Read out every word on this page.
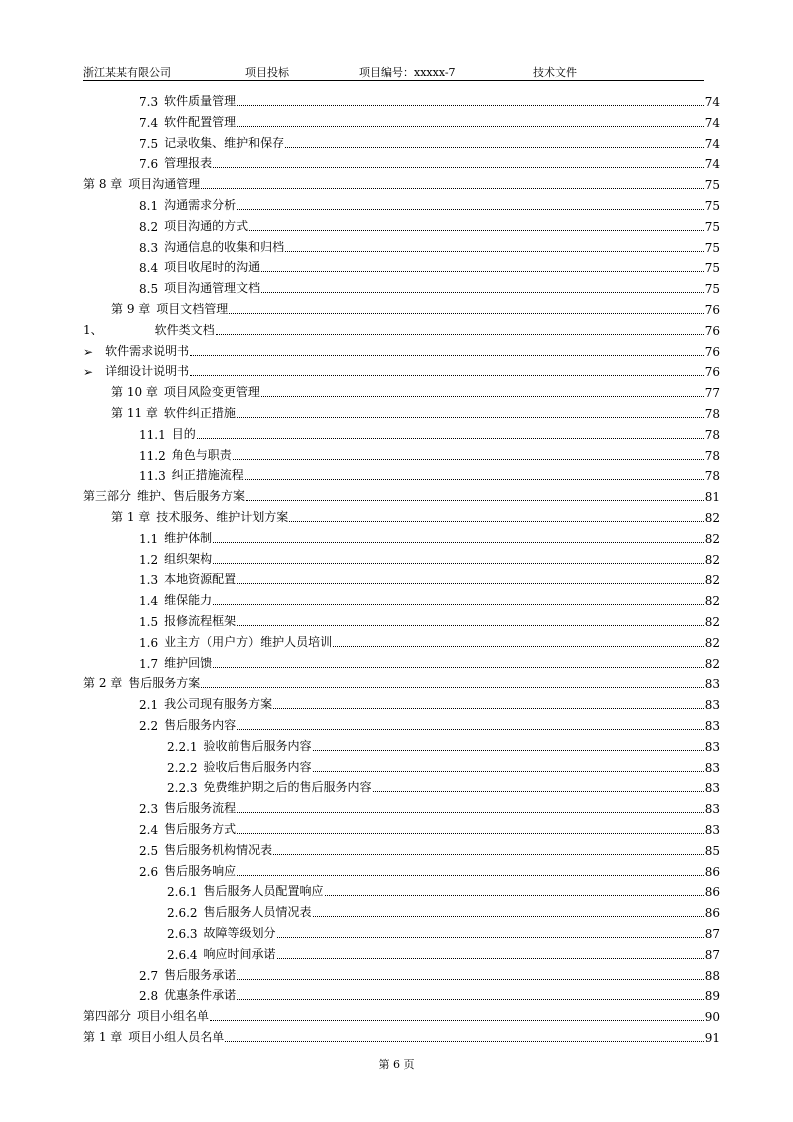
浙江某某有限公司	项目投标	项目编号：xxxxx-7	技术文件
7.3 软件质量管理	74
7.4 软件配置管理	74
7.5 记录收集、维护和保存	74
7.6 管理报表	74
第 8 章 项目沟通管理	75
8.1 沟通需求分析	75
8.2 项目沟通的方式	75
8.3 沟通信息的收集和归档	75
8.4 项目收尾时的沟通	75
8.5 项目沟通管理文档	75
第 9 章 项目文档管理	76
1、	软件类文档	76
➢ 软件需求说明书	76
➢ 详细设计说明书	76
第 10 章 项目风险变更管理	77
第 11 章 软件纠正措施	78
11.1 目的	78
11.2 角色与职责	78
11.3 纠正措施流程	78
第三部分 维护、售后服务方案	81
第 1 章 技术服务、维护计划方案	82
1.1 维护体制	82
1.2 组织架构	82
1.3 本地资源配置	82
1.4 维保能力	82
1.5 报修流程框架	82
1.6 业主方（用户方）维护人员培训	82
1.7 维护回馈	82
第 2 章 售后服务方案	83
2.1 我公司现有服务方案	83
2.2 售后服务内容	83
2.2.1 验收前售后服务内容	83
2.2.2 验收后售后服务内容	83
2.2.3 免费维护期之后的售后服务内容	83
2.3 售后服务流程	83
2.4 售后服务方式	83
2.5 售后服务机构情况表	85
2.6 售后服务响应	86
2.6.1 售后服务人员配置响应	86
2.6.2 售后服务人员情况表	86
2.6.3 故障等级划分	87
2.6.4 响应时间承诺	87
2.7 售后服务承诺	88
2.8 优惠条件承诺	89
第四部分 项目小组名单	90
第 1 章 项目小组人员名单	91
第 6 页
